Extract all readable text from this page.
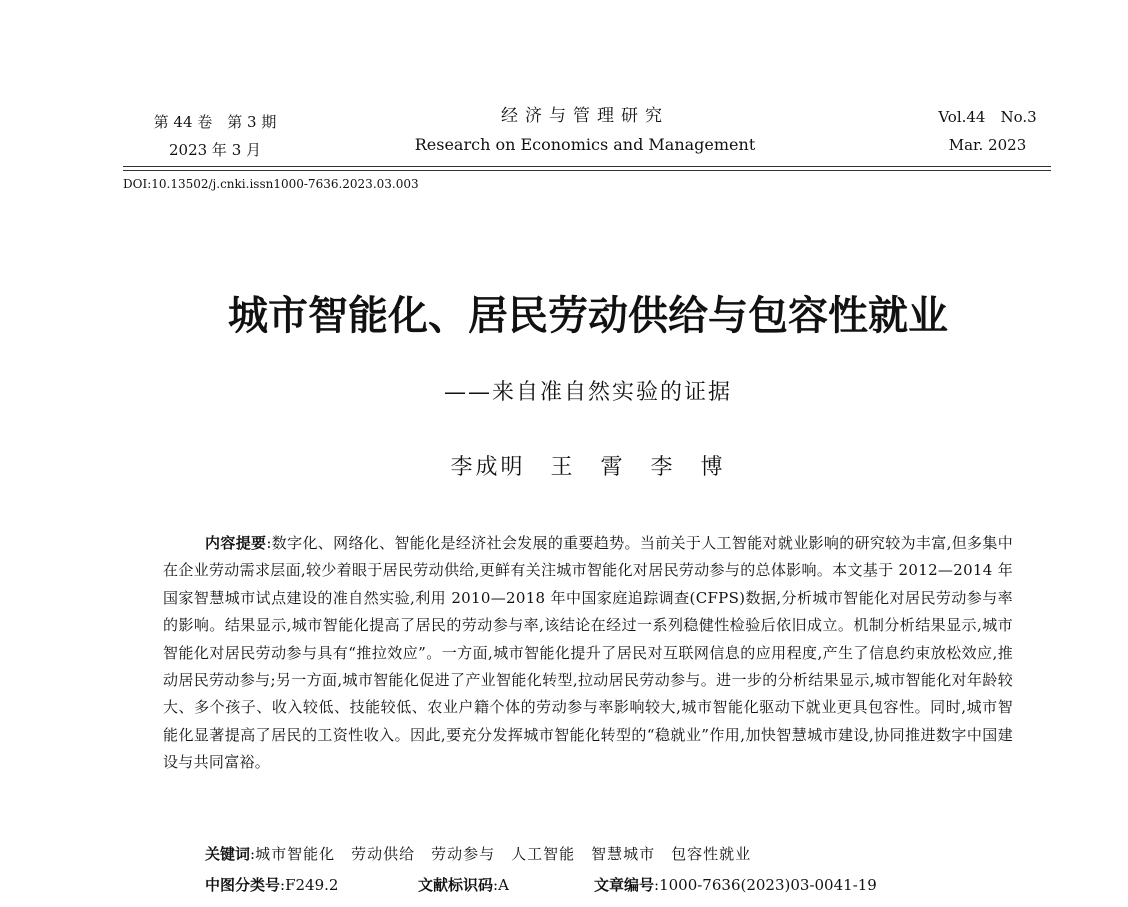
第 44 卷　第 3 期
2023 年 3 月
经济与管理研究
Research on Economics and Management
Vol.44　No.3
Mar. 2023
DOI:10.13502/j.cnki.issn1000-7636.2023.03.003
城市智能化、居民劳动供给与包容性就业
——来自准自然实验的证据
李成明　王　霄　李　博
内容提要:数字化、网络化、智能化是经济社会发展的重要趋势。当前关于人工智能对就业影响的研究较为丰富,但多集中在企业劳动需求层面,较少着眼于居民劳动供给,更鲜有关注城市智能化对居民劳动参与的总体影响。本文基于 2012—2014 年国家智慧城市试点建设的准自然实验,利用 2010—2018 年中国家庭追踪调查(CFPS)数据,分析城市智能化对居民劳动参与率的影响。结果显示,城市智能化提高了居民的劳动参与率,该结论在经过一系列稳健性检验后依旧成立。机制分析结果显示,城市智能化对居民劳动参与具有“推拉效应”。一方面,城市智能化提升了居民对互联网信息的应用程度,产生了信息约束放松效应,推动居民劳动参与;另一方面,城市智能化促进了产业智能化转型,拉动居民劳动参与。进一步的分析结果显示,城市智能化对年龄较大、多个孩子、收入较低、技能较低、农业户籍个体的劳动参与率影响较大,城市智能化驱动下就业更具包容性。同时,城市智能化显著提高了居民的工资性收入。因此,要充分发挥城市智能化转型的“稳就业”作用,加快智慧城市建设,协同推进数字中国建设与共同富裕。
关键词:城市智能化 劳动供给 劳动参与 人工智能 智慧城市 包容性就业
中图分类号:F249.2	文献标识码:A	文章编号:1000-7636(2023)03-0041-19
